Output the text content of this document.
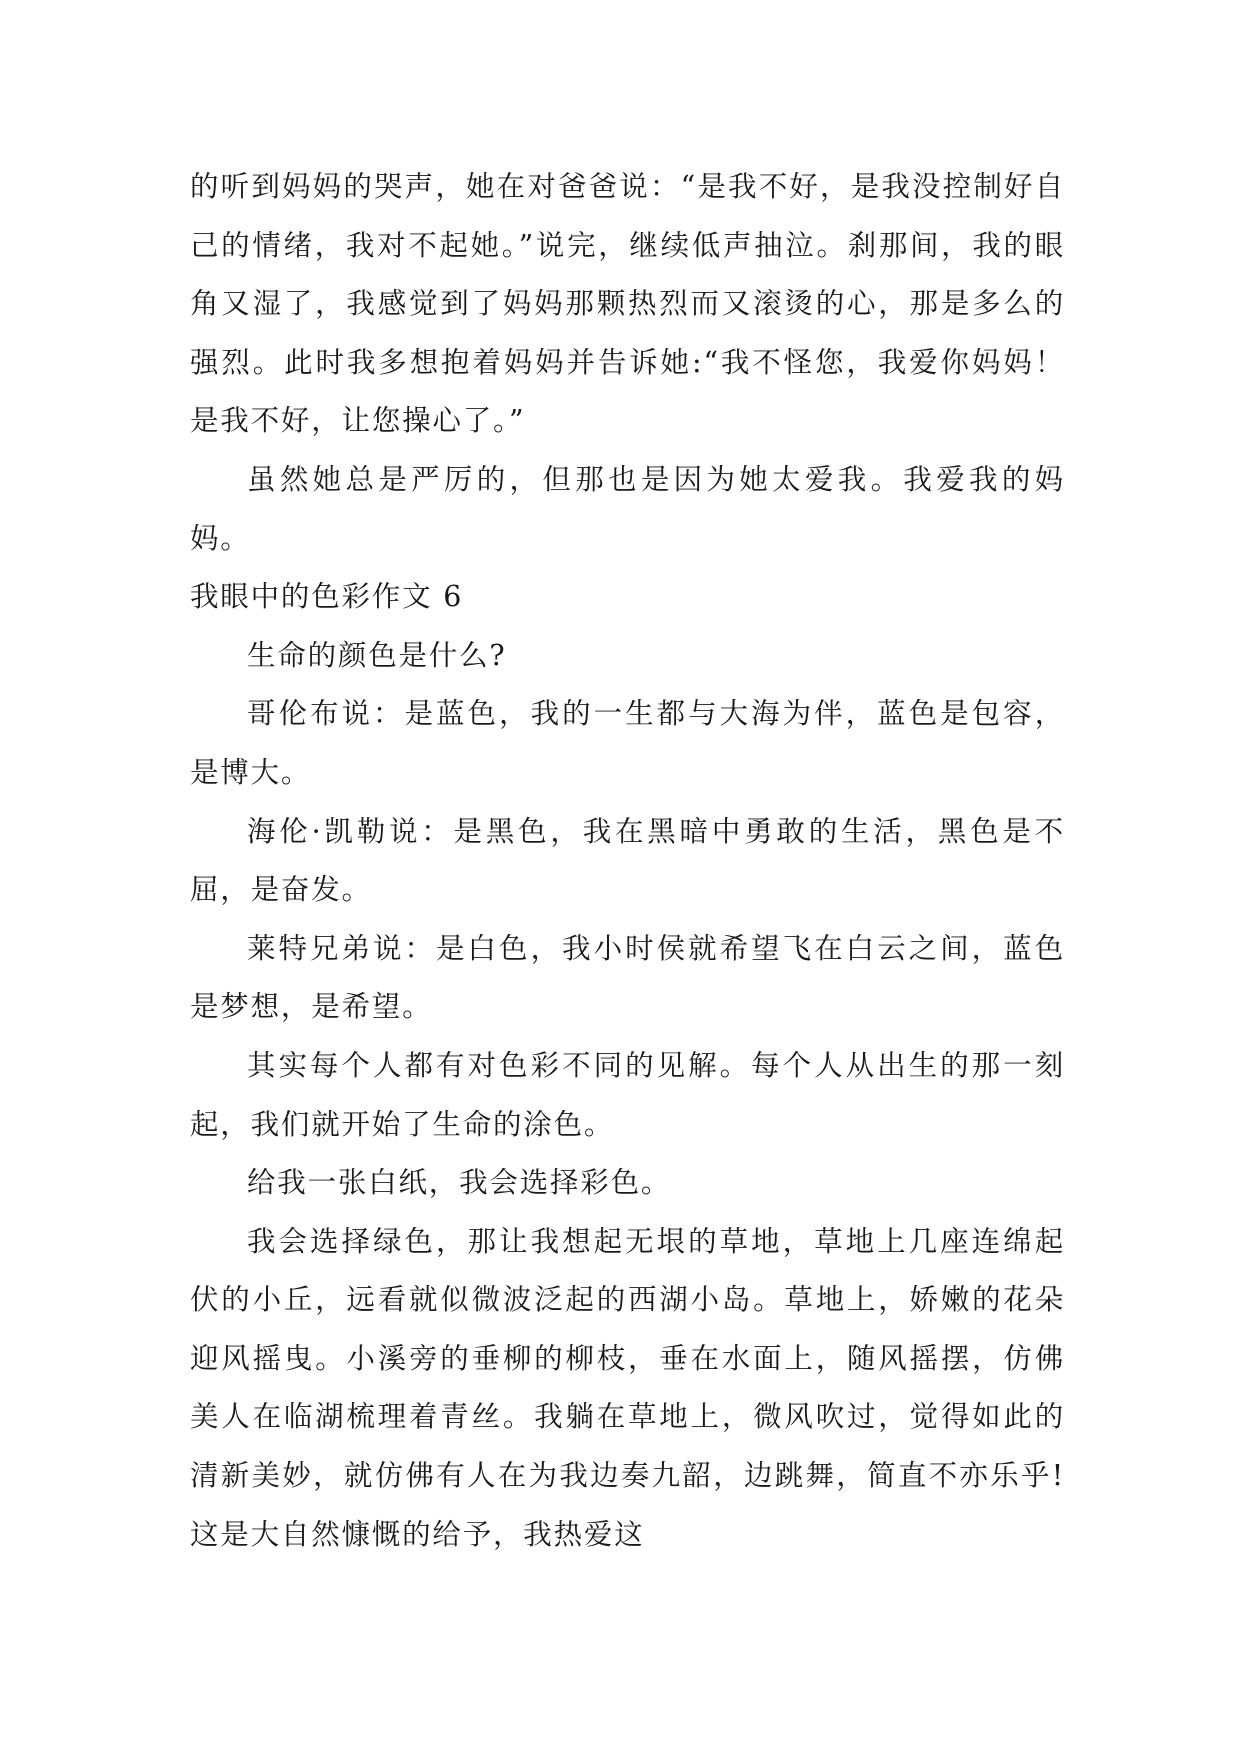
的听到妈妈的哭声，她在对爸爸说：“是我不好，是我没控制好自己的情绪，我对不起她。”说完，继续低声抽泣。刹那间，我的眼角又湿了，我感觉到了妈妈那颗热烈而又滚烫的心，那是多么的强烈。此时我多想抱着妈妈并告诉她:“我不怪您，我爱你妈妈！是我不好，让您操心了。”

虽然她总是严厉的，但那也是因为她太爱我。我爱我的妈妈。

我眼中的色彩作文 6

生命的颜色是什么?

哥伦布说：是蓝色，我的一生都与大海为伴，蓝色是包容，是博大。

海伦·凯勒说：是黑色，我在黑暗中勇敢的生活，黑色是不屈，是奋发。

莱特兄弟说：是白色，我小时侯就希望飞在白云之间，蓝色是梦想，是希望。

其实每个人都有对色彩不同的见解。每个人从出生的那一刻起，我们就开始了生命的涂色。

给我一张白纸，我会选择彩色。

我会选择绿色，那让我想起无垠的草地，草地上几座连绵起伏的小丘，远看就似微波泛起的西湖小岛。草地上，娇嫩的花朵迎风摇曳。小溪旁的垂柳的柳枝，垂在水面上，随风摇摆，仿佛美人在临湖梳理着青丝。我躺在草地上，微风吹过，觉得如此的清新美妙，就仿佛有人在为我边奏九韶，边跳舞，简直不亦乐乎!这是大自然慷慨的给予，我热爱这
